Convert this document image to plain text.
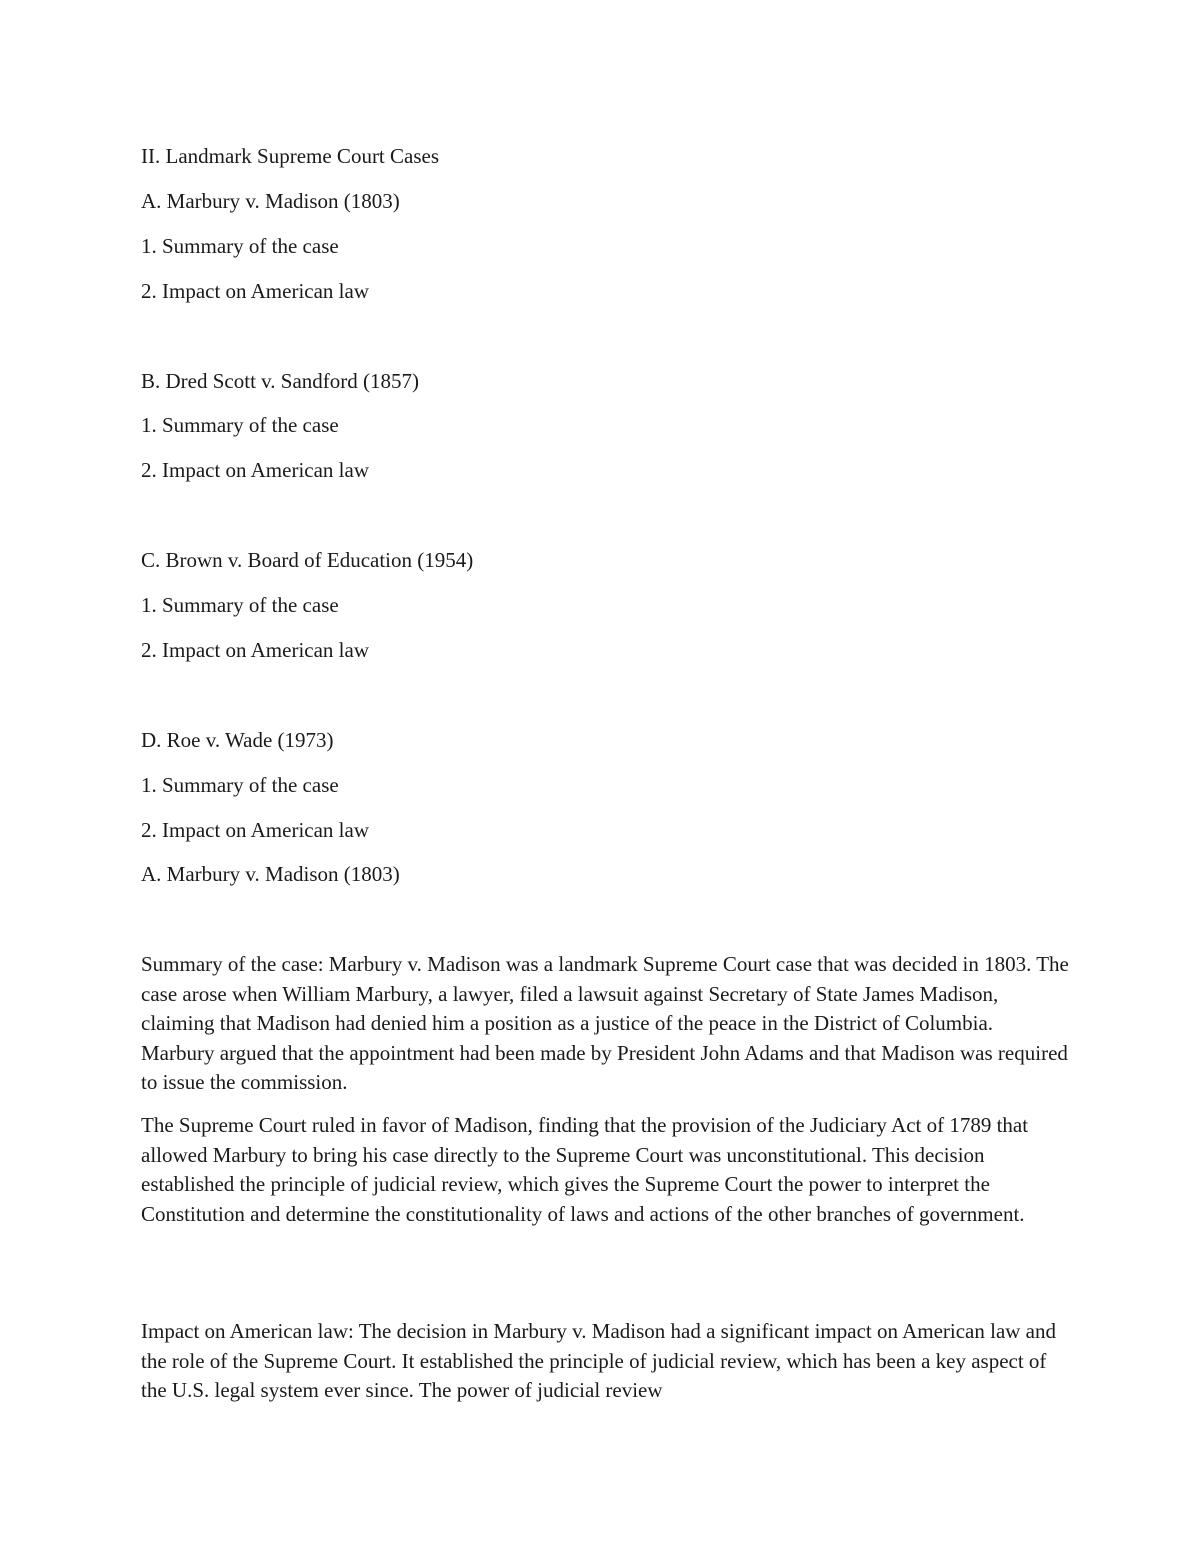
II. Landmark Supreme Court Cases

A. Marbury v. Madison (1803)

1. Summary of the case

2. Impact on American law

B. Dred Scott v. Sandford (1857)

1. Summary of the case

2. Impact on American law

C. Brown v. Board of Education (1954)

1. Summary of the case

2. Impact on American law

D. Roe v. Wade (1973)

1. Summary of the case

2. Impact on American law

A. Marbury v. Madison (1803)

Summary of the case: Marbury v. Madison was a landmark Supreme Court case that was decided in 1803. The case arose when William Marbury, a lawyer, filed a lawsuit against Secretary of State James Madison, claiming that Madison had denied him a position as a justice of the peace in the District of Columbia. Marbury argued that the appointment had been made by President John Adams and that Madison was required to issue the commission.

The Supreme Court ruled in favor of Madison, finding that the provision of the Judiciary Act of 1789 that allowed Marbury to bring his case directly to the Supreme Court was unconstitutional. This decision established the principle of judicial review, which gives the Supreme Court the power to interpret the Constitution and determine the constitutionality of laws and actions of the other branches of government.

Impact on American law: The decision in Marbury v. Madison had a significant impact on American law and the role of the Supreme Court. It established the principle of judicial review, which has been a key aspect of the U.S. legal system ever since. The power of judicial review
